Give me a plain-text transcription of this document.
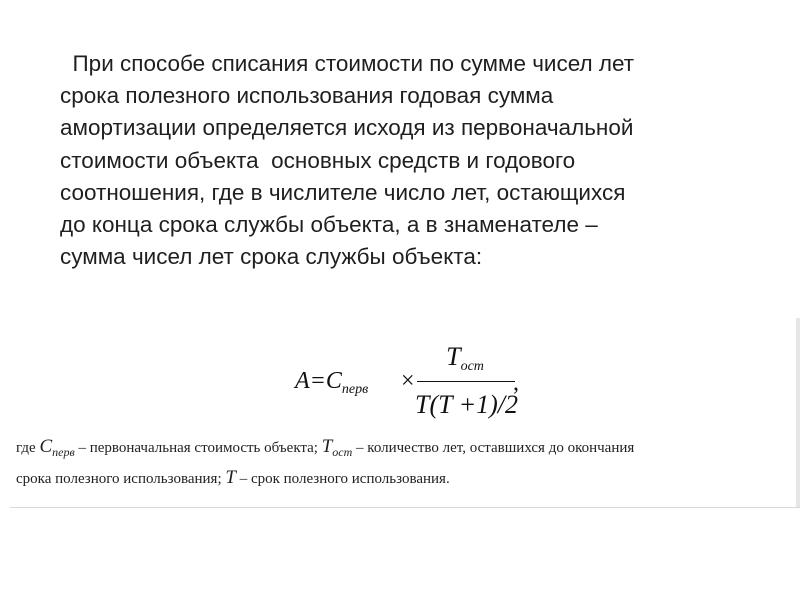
При способе списания стоимости по сумме чисел лет
срока полезного использования годовая сумма
амортизации определяется исходя из первоначальной
стоимости объекта  основных средств и годового
соотношения, где в числителе число лет, остающихся
до конца срока службы объекта, а в знаменателе –
сумма чисел лет срока службы объекта:
$A=C_{перв}$ ×
$T_{ост}$
T(T +1)/2
,
где $C_{перв}$ – первоначальная стоимость объекта; $T_{ост}$ – количество лет, оставшихся до окончания
срока полезного использования; T – срок полезного использования.
